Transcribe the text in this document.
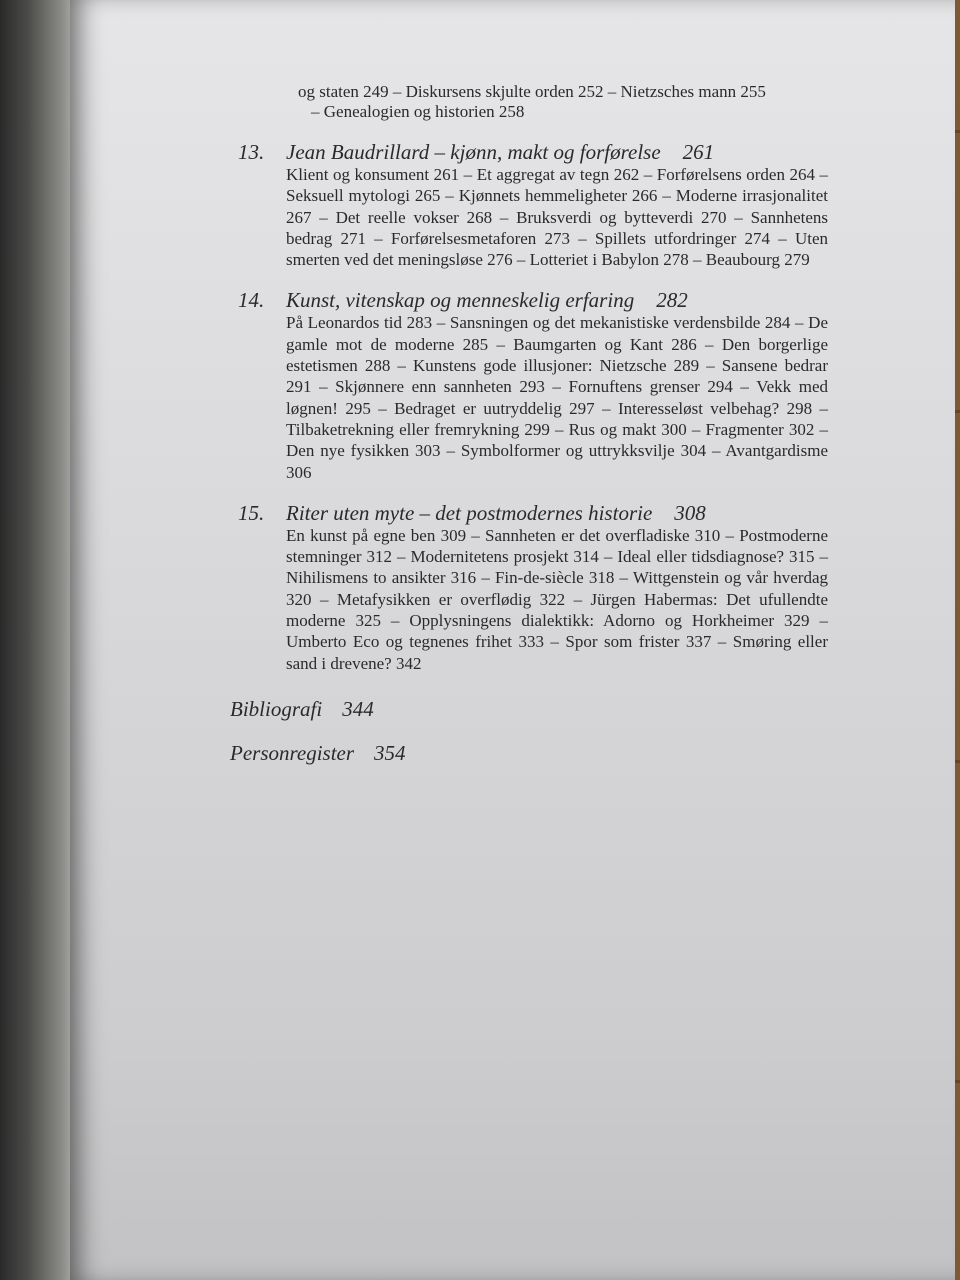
og staten 249 – Diskursens skjulte orden 252 – Nietzsches mann 255

– Genealogien og historien 258

13.	Jean Baudrillard – kjønn, makt og forførelse 261

Klient og konsument 261 – Et aggregat av tegn 262 – Forførelsens orden 264 – Seksuell mytologi 265 – Kjønnets hemmeligheter 266 – Moderne irrasjonalitet 267 – Det reelle vokser 268 – Bruksverdi og bytteverdi 270 – Sannhetens bedrag 271 – Forførelsesmetaforen 273 – Spillets utfordringer 274 – Uten smerten ved det meningsløse 276 – Lotteriet i Babylon 278 – Beaubourg 279

14.	Kunst, vitenskap og menneskelig erfaring 282

På Leonardos tid 283 – Sansningen og det mekanistiske verdensbilde 284 – De gamle mot de moderne 285 – Baumgarten og Kant 286 – Den borgerlige estetismen 288 – Kunstens gode illusjoner: Nietzsche 289 – Sansene bedrar 291 – Skjønnere enn sannheten 293 – Fornuftens grenser 294 – Vekk med løgnen! 295 – Bedraget er uutryddelig 297 – Interesseløst velbehag? 298 – Tilbaketrekning eller fremrykning 299 – Rus og makt 300 – Fragmenter 302 – Den nye fysikken 303 – Symbolformer og uttrykksvilje 304 – Avantgardisme 306

15.	Riter uten myte – det postmodernes historie 308

En kunst på egne ben 309 – Sannheten er det overfladiske 310 – Postmoderne stemninger 312 – Modernitetens prosjekt 314 – Ideal eller tidsdiagnose? 315 – Nihilismens to ansikter 316 – Fin-de-siècle 318 – Wittgenstein og vår hverdag 320 – Metafysikken er overflødig 322 – Jürgen Habermas: Det ufullendte moderne 325 – Opplysningens dialektikk: Adorno og Horkheimer 329 – Umberto Eco og tegnenes frihet 333 – Spor som frister 337 – Smøring eller sand i drevene? 342

Bibliografi 344

Personregister 354
